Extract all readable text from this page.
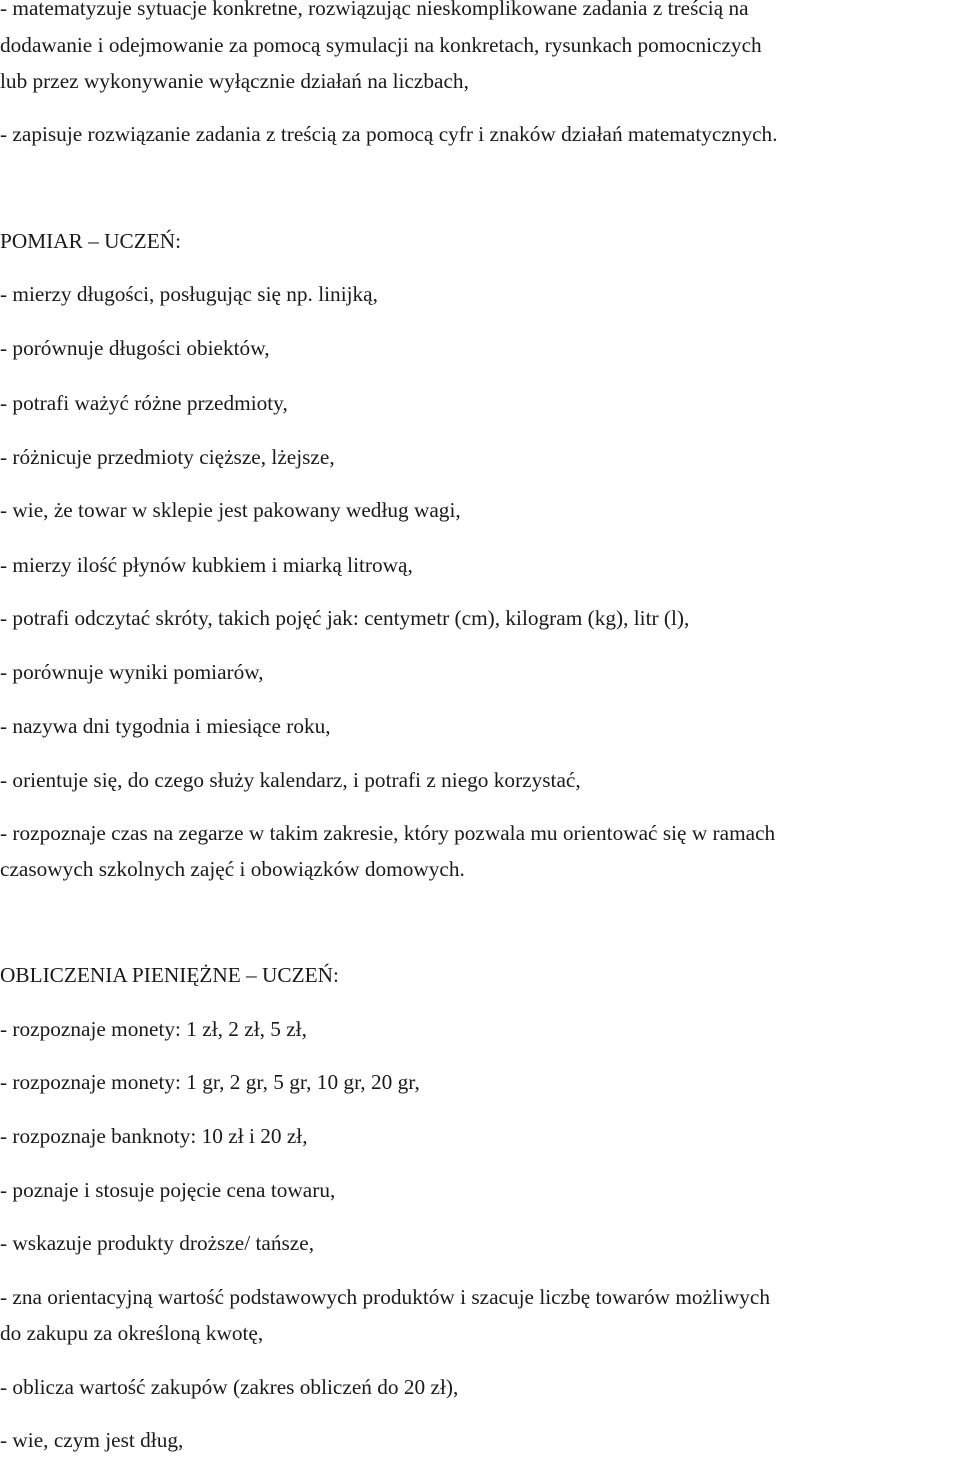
- matematyzuje sytuacje konkretne, rozwiązując nieskomplikowane zadania z treścią na

dodawanie i odejmowanie za pomocą symulacji na konkretach, rysunkach pomocniczych

lub przez wykonywanie wyłącznie działań na liczbach,

- zapisuje rozwiązanie zadania z treścią za pomocą cyfr i znaków działań matematycznych.

POMIAR – UCZEŃ:

- mierzy długości, posługując się np. linijką,

- porównuje długości obiektów,

- potrafi ważyć różne przedmioty,

- różnicuje przedmioty cięższe, lżejsze,

- wie, że towar w sklepie jest pakowany według wagi,

- mierzy ilość płynów kubkiem i miarką litrową,

- potrafi odczytać skróty, takich pojęć jak: centymetr (cm), kilogram (kg), litr (l),

- porównuje wyniki pomiarów,

- nazywa dni tygodnia i miesiące roku,

- orientuje się, do czego służy kalendarz, i potrafi z niego korzystać,

- rozpoznaje czas na zegarze w takim zakresie, który pozwala mu orientować się w ramach

czasowych szkolnych zajęć i obowiązków domowych.

OBLICZENIA PIENIĘŻNE – UCZEŃ:

- rozpoznaje monety: 1 zł, 2 zł, 5 zł,

- rozpoznaje monety: 1 gr, 2 gr, 5 gr, 10 gr, 20 gr,

- rozpoznaje banknoty: 10 zł i 20 zł,

- poznaje i stosuje pojęcie cena towaru,

- wskazuje produkty droższe/ tańsze,

- zna orientacyjną wartość podstawowych produktów i szacuje liczbę towarów możliwych

do zakupu za określoną kwotę,

- oblicza wartość zakupów (zakres obliczeń do 20 zł),

- wie, czym jest dług,
